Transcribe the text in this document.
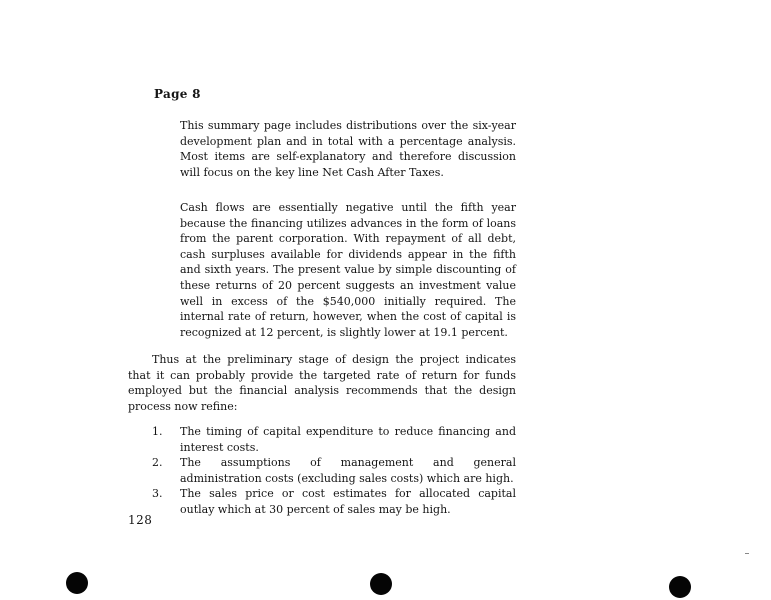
Page 8

This summary page includes distributions over the six-year development plan and in total with a percentage analysis. Most items are self-explanatory and therefore discussion will focus on the key line Net Cash After Taxes.

Cash flows are essentially negative until the fifth year because the financing utilizes advances in the form of loans from the parent corporation. With repayment of all debt, cash surpluses available for dividends appear in the fifth and sixth years. The present value by simple discounting of these returns of 20 percent suggests an investment value well in excess of the $540,000 initially required. The internal rate of return, however, when the cost of capital is recognized at 12 percent, is slightly lower at 19.1 percent.

Thus at the preliminary stage of design the project indicates that it can probably provide the targeted rate of return for funds employed but the financial analysis recommends that the design process now refine:

1.	The timing of capital expenditure to reduce financing and interest costs.
2.	The assumptions of management and general administration costs (excluding sales costs) which are high.
3.	The sales price or cost estimates for allocated capital outlay which at 30 percent of sales may be high.
128
